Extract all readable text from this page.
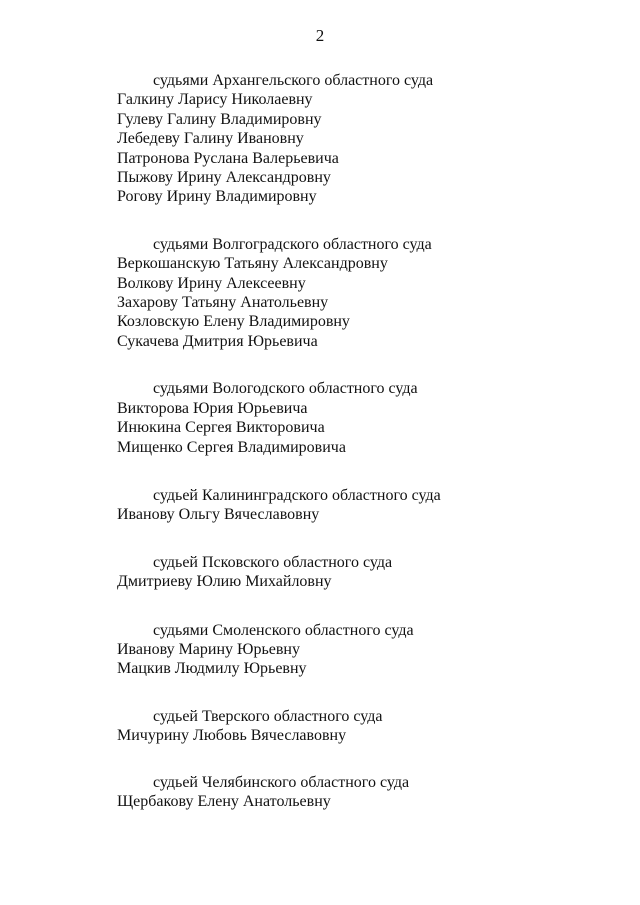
2
судьями Архангельского областного суда
Галкину Ларису Николаевну
Гулеву Галину Владимировну
Лебедеву Галину Ивановну
Патронова Руслана Валерьевича
Пыжову Ирину Александровну
Рогову Ирину Владимировну
судьями Волгоградского областного суда
Веркошанскую Татьяну Александровну
Волкову Ирину Алексеевну
Захарову Татьяну Анатольевну
Козловскую Елену Владимировну
Сукачева Дмитрия Юрьевича
судьями Вологодского областного суда
Викторова Юрия Юрьевича
Инюкина Сергея Викторовича
Мищенко Сергея Владимировича
судьей Калининградского областного суда
Иванову Ольгу Вячеславовну
судьей Псковского областного суда
Дмитриеву Юлию Михайловну
судьями Смоленского областного суда
Иванову Марину Юрьевну
Мацкив Людмилу Юрьевну
судьей Тверского областного суда
Мичурину Любовь Вячеславовну
судьей Челябинского областного суда
Щербакову Елену Анатольевну
